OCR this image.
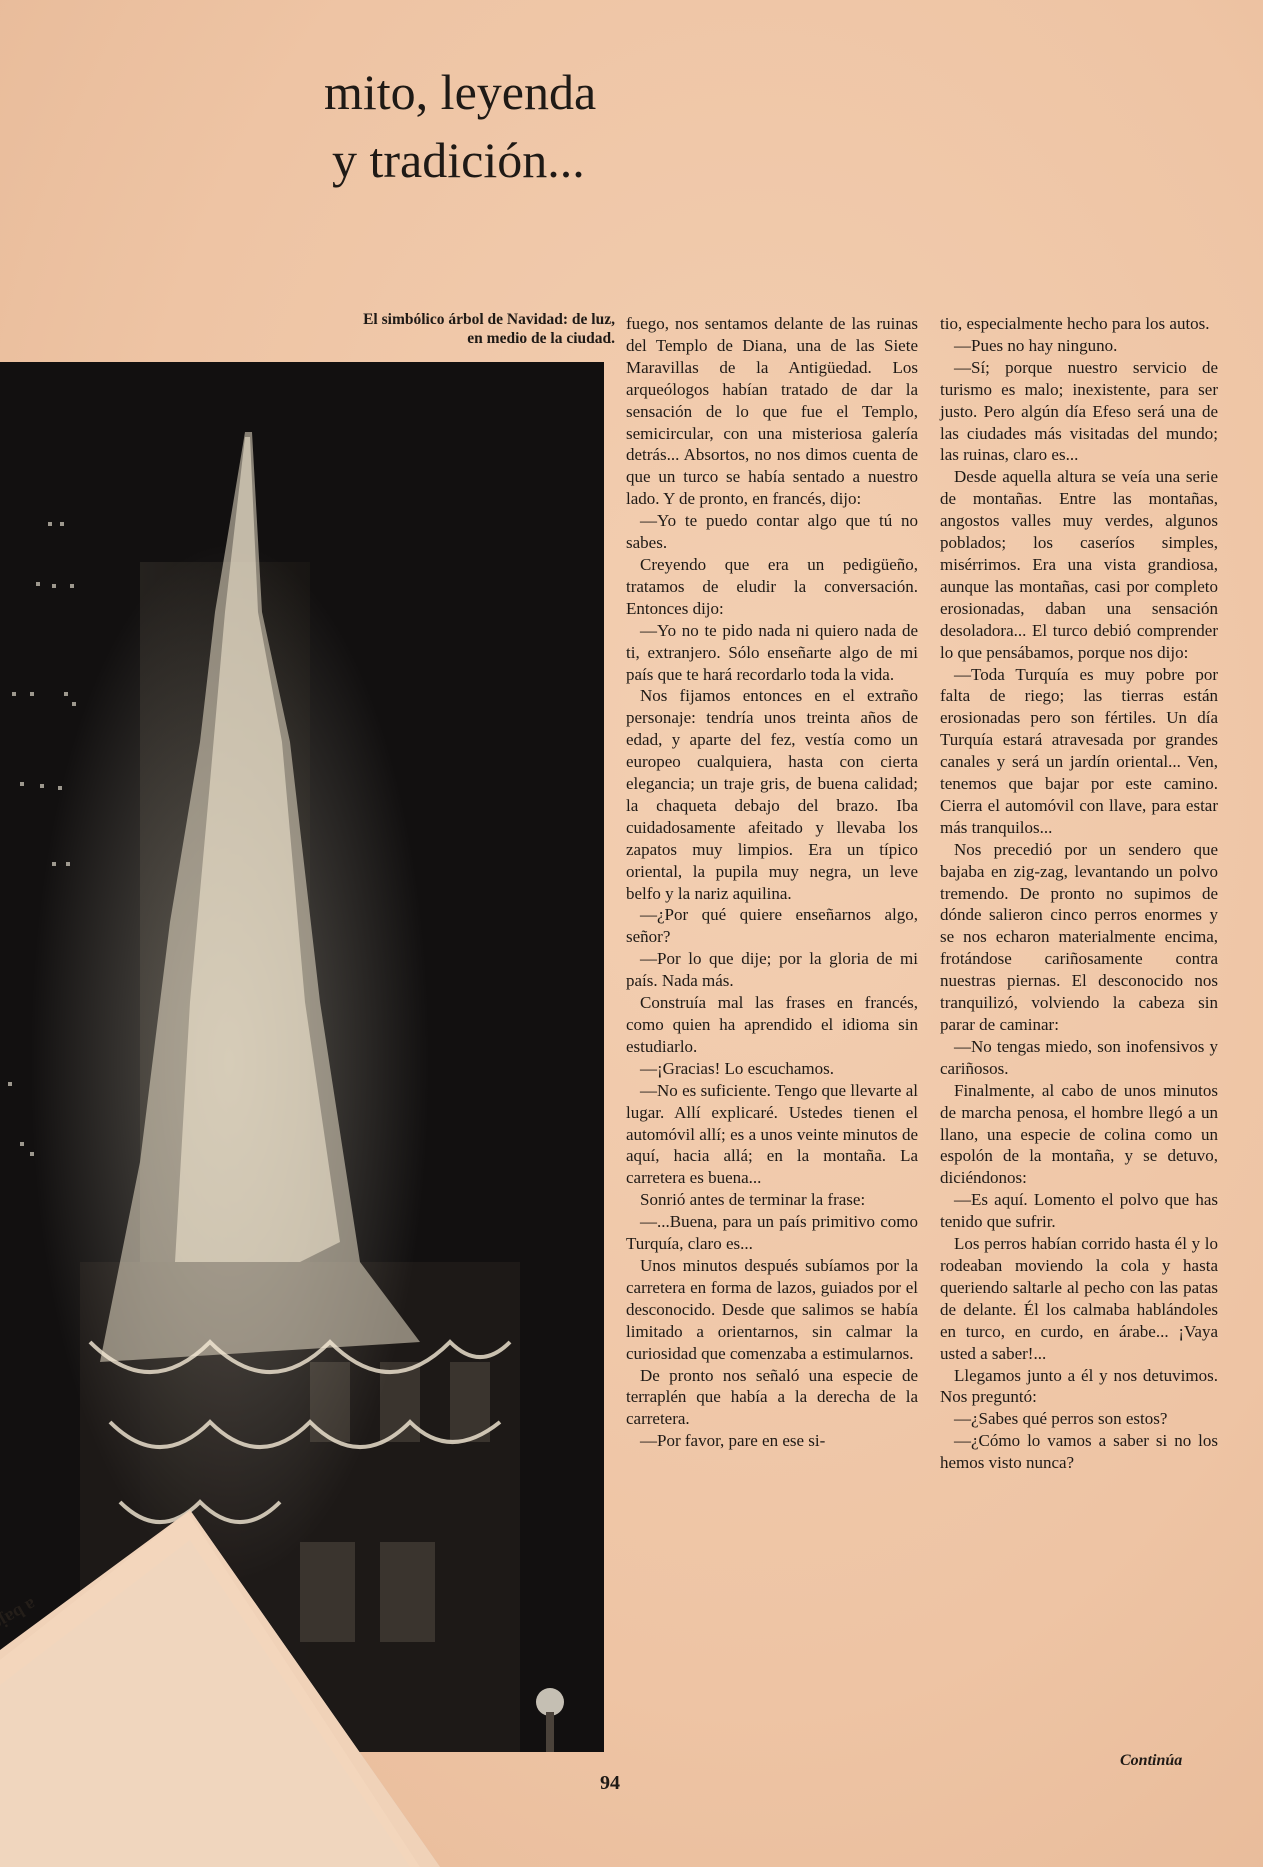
mito, leyenda
y tradición...
El simbólico árbol de Navidad: de luz,
en medio de la ciudad.

fuego, nos sentamos delante de las ruinas del Templo de Diana, una de las Siete Maravillas de la Antigüedad. Los arqueólogos habían tratado de dar la sensación de lo que fue el Templo, semicircular, con una misteriosa galería detrás... Absortos, no nos dimos cuenta de que un turco se había sentado a nuestro lado. Y de pronto, en francés, dijo:

—Yo te puedo contar algo que tú no sabes.

Creyendo que era un pedigüeño, tratamos de eludir la conversación. Entonces dijo:

—Yo no te pido nada ni quiero nada de ti, extranjero. Sólo enseñarte algo de mi país que te hará recordarlo toda la vida.

Nos fijamos entonces en el extraño personaje: tendría unos treinta años de edad, y aparte del fez, vestía como un europeo cualquiera, hasta con cierta elegancia; un traje gris, de buena calidad; la chaqueta debajo del brazo. Iba cuidadosamente afeitado y llevaba los zapatos muy limpios. Era un típico oriental, la pupila muy negra, un leve belfo y la nariz aquilina.

—¿Por qué quiere enseñarnos algo, señor?

—Por lo que dije; por la gloria de mi país. Nada más.

Construía mal las frases en francés, como quien ha aprendido el idioma sin estudiarlo.

—¡Gracias! Lo escuchamos.

—No es suficiente. Tengo que llevarte al lugar. Allí explicaré. Ustedes tienen el automóvil allí; es a unos veinte minutos de aquí, hacia allá; en la montaña. La carretera es buena...

Sonrió antes de terminar la frase:

—...Buena, para un país primitivo como Turquía, claro es...

Unos minutos después subíamos por la carretera en forma de lazos, guiados por el desconocido. Desde que salimos se había limitado a orientarnos, sin calmar la curiosidad que comenzaba a estimularnos.

De pronto nos señaló una especie de terraplén que había a la derecha de la carretera.

—Por favor, pare en ese si-

tio, especialmente hecho para los autos.

—Pues no hay ninguno.

—Sí; porque nuestro servicio de turismo es malo; inexistente, para ser justo. Pero algún día Efeso será una de las ciudades más visitadas del mundo; las ruinas, claro es...

Desde aquella altura se veía una serie de montañas. Entre las montañas, angostos valles muy verdes, algunos poblados; los caseríos simples, misérrimos. Era una vista grandiosa, aunque las montañas, casi por completo erosionadas, daban una sensación desoladora... El turco debió comprender lo que pensábamos, porque nos dijo:

—Toda Turquía es muy pobre por falta de riego; las tierras están erosionadas pero son fértiles. Un día Turquía estará atravesada por grandes canales y será un jardín oriental... Ven, tenemos que bajar por este camino. Cierra el automóvil con llave, para estar más tranquilos...

Nos precedió por un sendero que bajaba en zig-zag, levantando un polvo tremendo. De pronto no supimos de dónde salieron cinco perros enormes y se nos echaron materialmente encima, frotándose cariñosamente contra nuestras piernas. El desconocido nos tranquilizó, volviendo la cabeza sin parar de caminar:

—No tengas miedo, son inofensivos y cariñosos.

Finalmente, al cabo de unos minutos de marcha penosa, el hombre llegó a un llano, una especie de colina como un espolón de la montaña, y se detuvo, diciéndonos:

—Es aquí. Lomento el polvo que has tenido que sufrir.

Los perros habían corrido hasta él y lo rodeaban moviendo la cola y hasta queriendo saltarle al pecho con las patas de delante. Él los calmaba hablándoles en turco, en curdo, en árabe... ¡Vaya usted a saber!...

Llegamos junto a él y nos detuvimos. Nos preguntó:

—¿Sabes qué perros son estos?

—¿Cómo lo vamos a saber si no los hemos visto nunca?

Continúa
94
